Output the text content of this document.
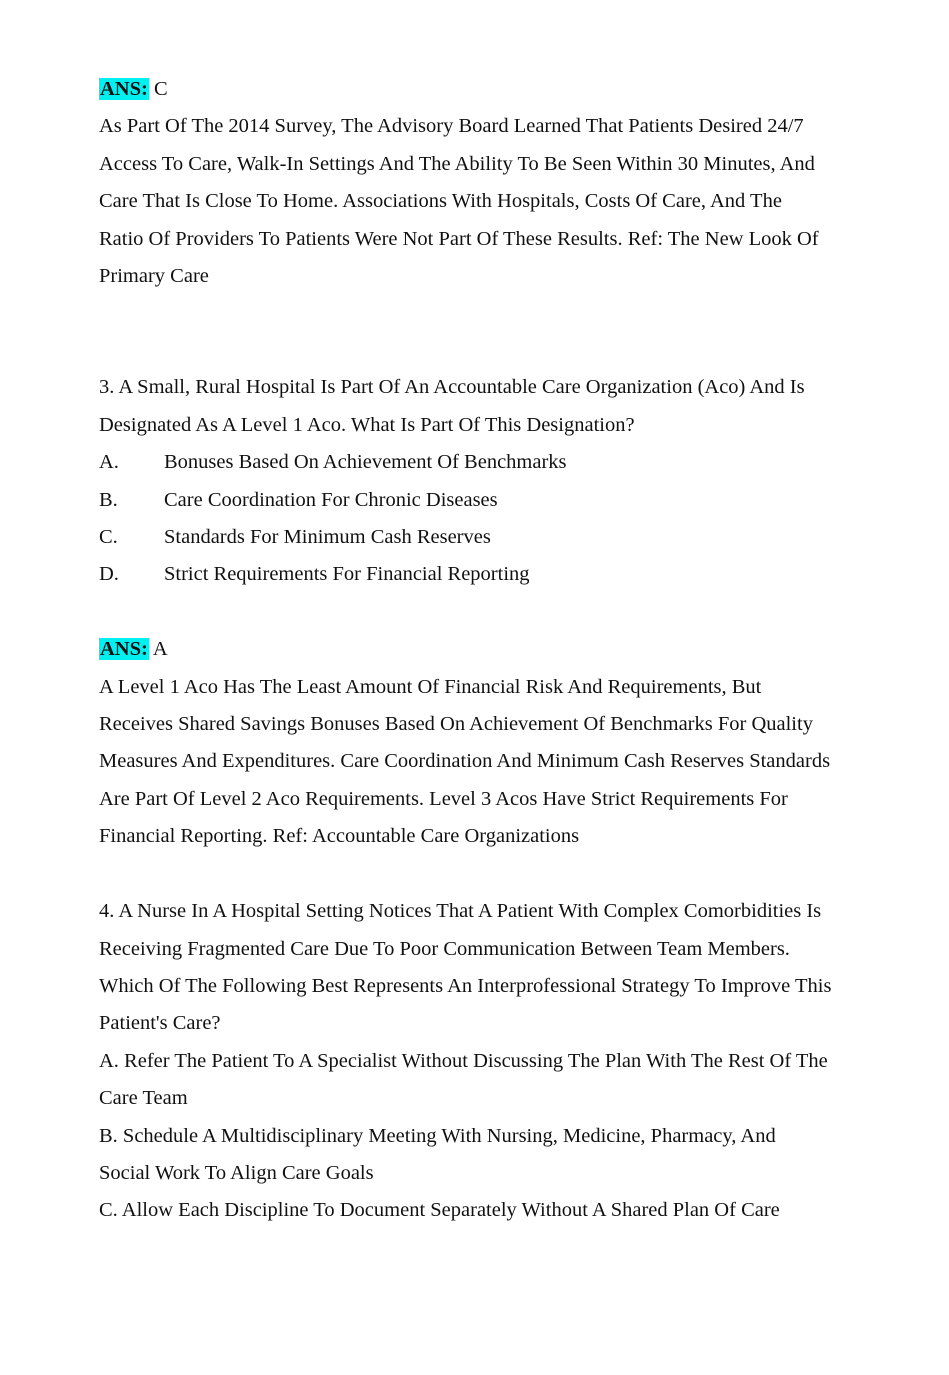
ANS: C
As Part Of The 2014 Survey, The Advisory Board Learned That Patients Desired 24/7
Access To Care, Walk-In Settings And The Ability To Be Seen Within 30 Minutes, And
Care That Is Close To Home. Associations With Hospitals, Costs Of Care, And The
Ratio Of Providers To Patients Were Not Part Of These Results. Ref: The New Look Of
Primary Care
3. A Small, Rural Hospital Is Part Of An Accountable Care Organization (Aco) And Is
Designated As A Level 1 Aco. What Is Part Of This Designation?
A.	Bonuses Based On Achievement Of Benchmarks
B.	Care Coordination For Chronic Diseases
C.	Standards For Minimum Cash Reserves
D.	Strict Requirements For Financial Reporting
ANS: A
A Level 1 Aco Has The Least Amount Of Financial Risk And Requirements, But
Receives Shared Savings Bonuses Based On Achievement Of Benchmarks For Quality
Measures And Expenditures. Care Coordination And Minimum Cash Reserves Standards
Are Part Of Level 2 Aco Requirements. Level 3 Acos Have Strict Requirements For
Financial Reporting. Ref: Accountable Care Organizations
4. A Nurse In A Hospital Setting Notices That A Patient With Complex Comorbidities Is
Receiving Fragmented Care Due To Poor Communication Between Team Members.
Which Of The Following Best Represents An Interprofessional Strategy To Improve This
Patient's Care?
A. Refer The Patient To A Specialist Without Discussing The Plan With The Rest Of The
Care Team
B. Schedule A Multidisciplinary Meeting With Nursing, Medicine, Pharmacy, And
Social Work To Align Care Goals
C. Allow Each Discipline To Document Separately Without A Shared Plan Of Care
